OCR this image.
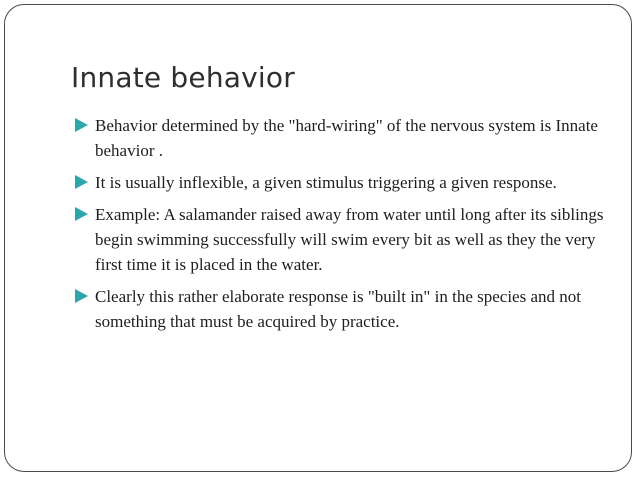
Innate behavior
Behavior determined by the "hard-wiring" of the nervous system is Innate behavior .
It is usually inflexible, a given stimulus triggering a given response.
Example: A salamander raised away from water until long after its siblings begin swimming successfully will swim every bit as well as they the very first time it is placed in the water.
Clearly this rather elaborate response is "built in" in the species and not something that must be acquired by practice.
